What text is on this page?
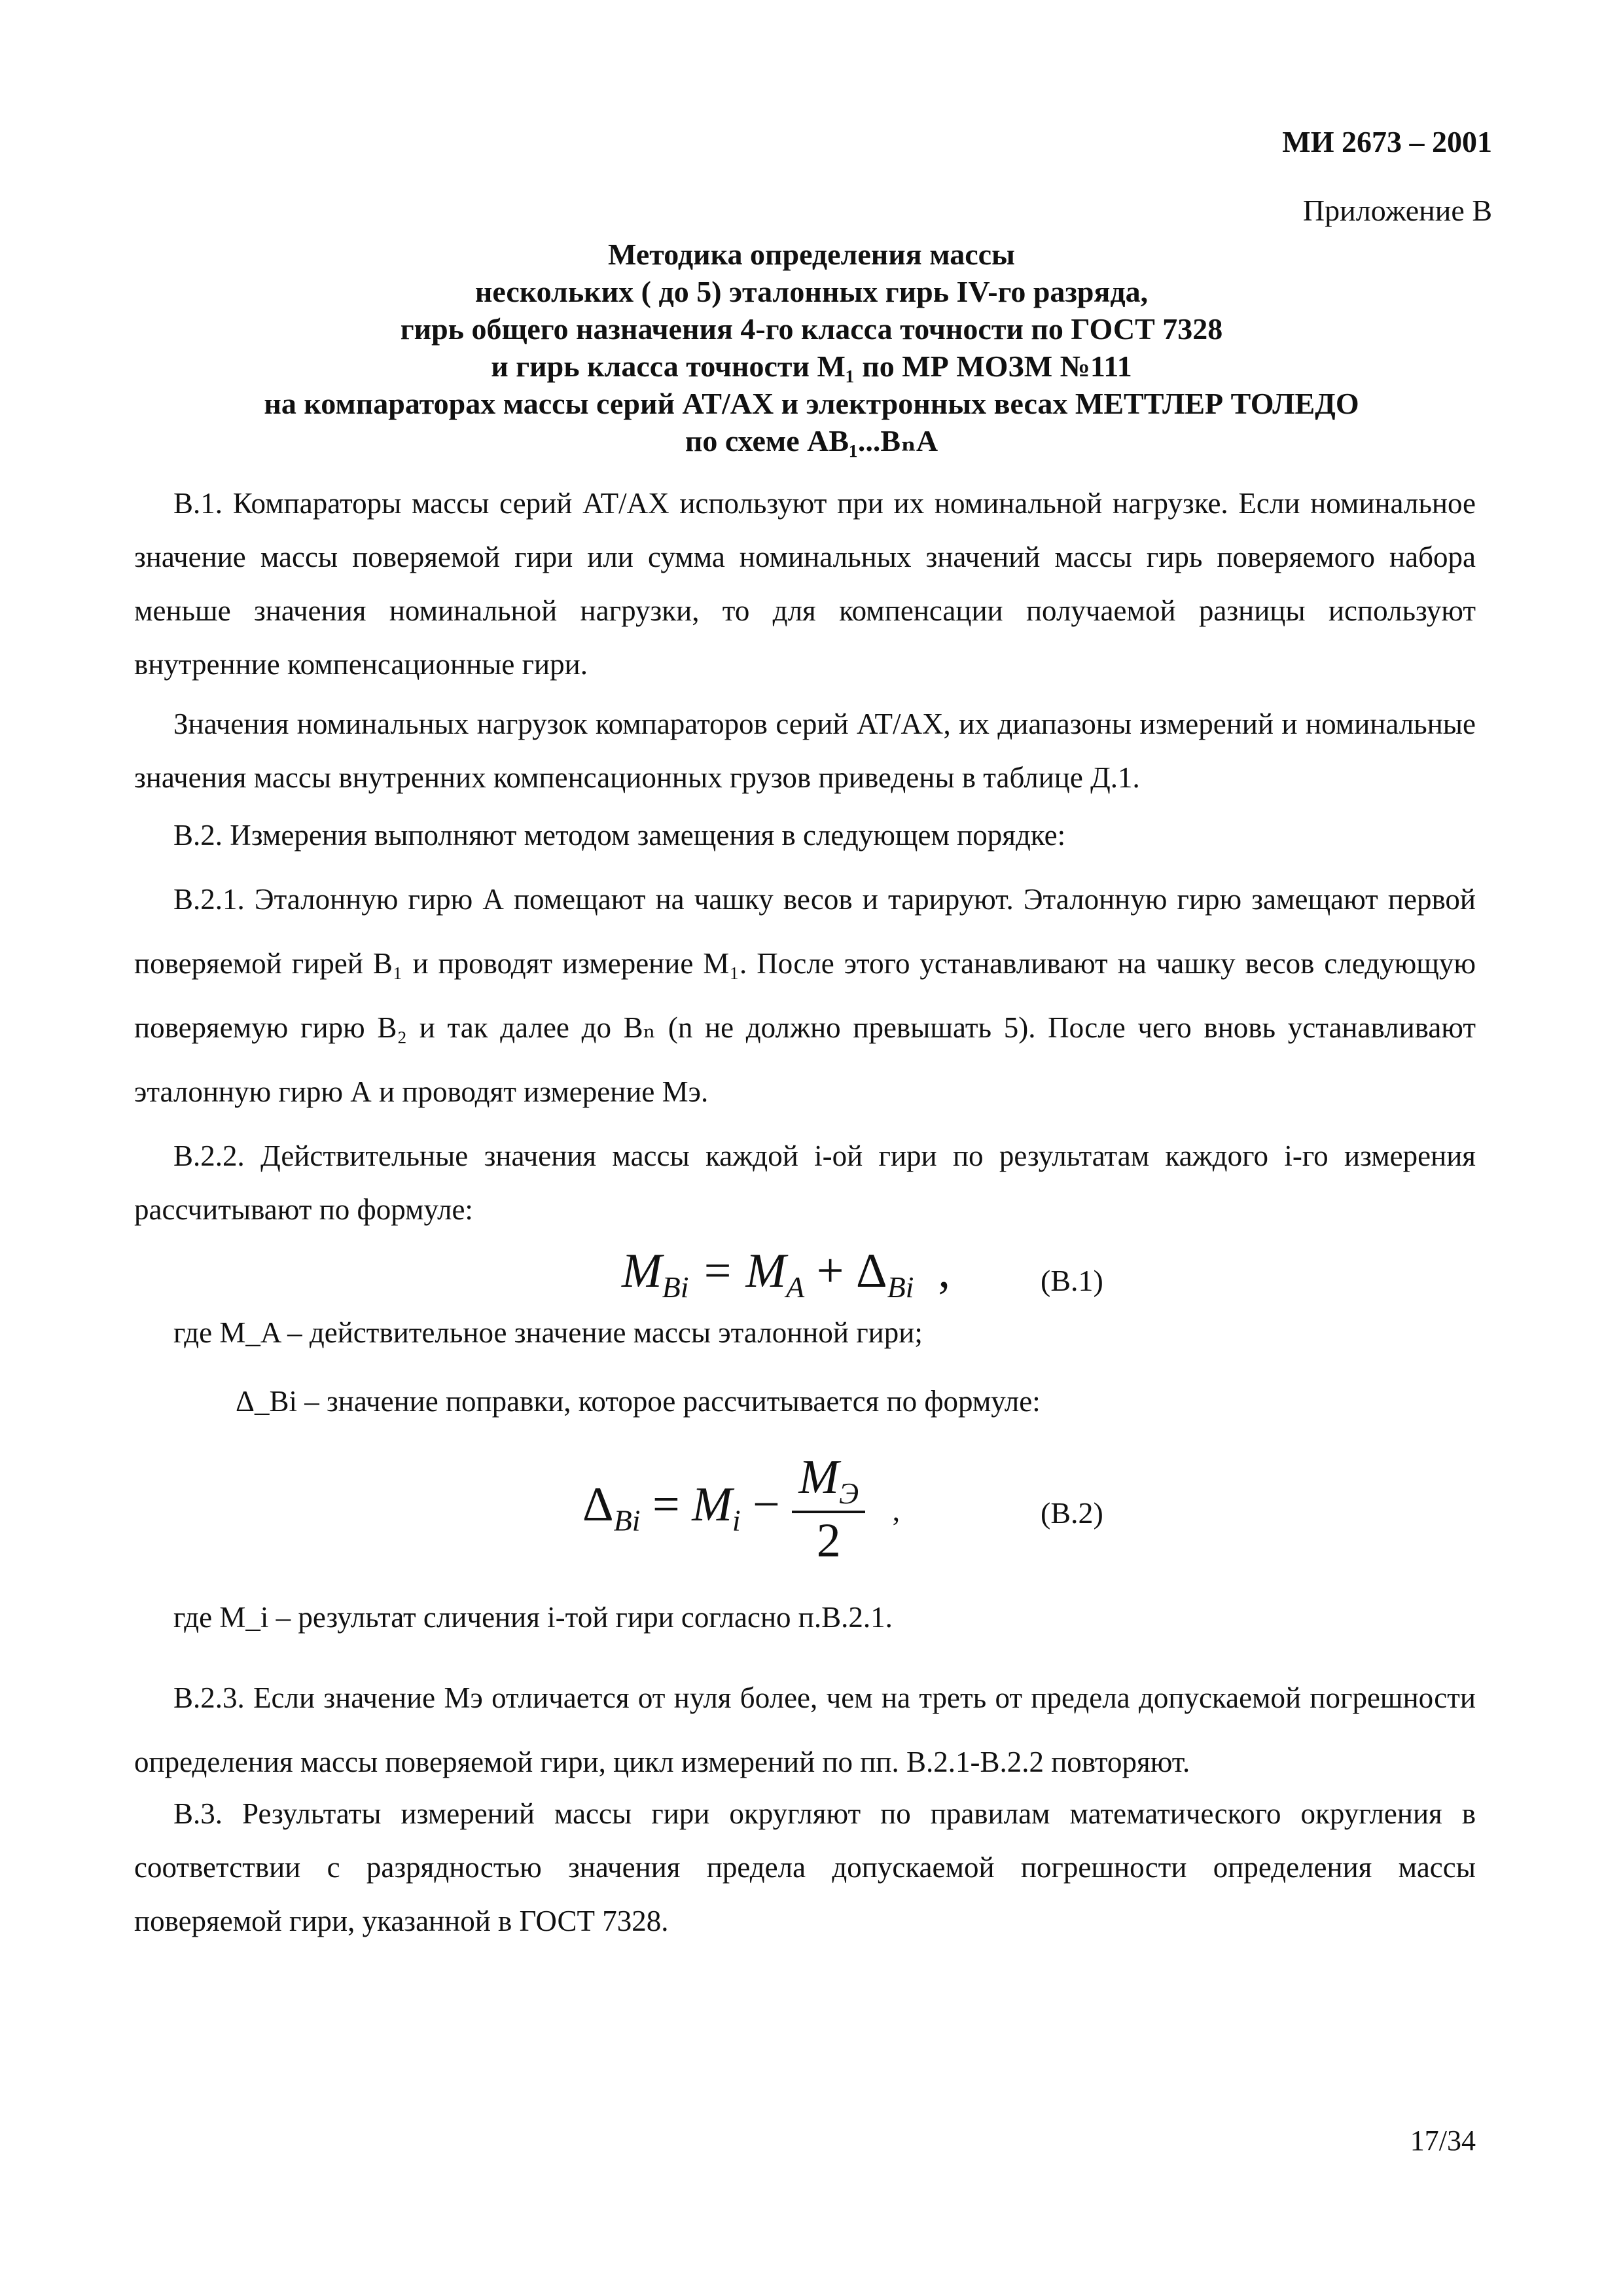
МИ 2673 – 2001
Приложение В
Методика определения массы
нескольких ( до 5) эталонных гирь IV-го разряда,
гирь общего назначения 4-го класса точности по ГОСТ 7328
и гирь класса точности M₁ по МР МОЗМ №111
на компараторах массы серий AT/AX и электронных весах МЕТТЛЕР ТОЛЕДО
по схеме AB₁...BₙA
В.1. Компараторы массы серий AT/AX используют при их номинальной нагрузке. Если номинальное значение массы поверяемой гири или сумма номинальных значений массы гирь поверяемого набора меньше значения номинальной нагрузки, то для компенсации получаемой разницы используют внутренние компенсационные гири.
Значения номинальных нагрузок компараторов серий AT/AX, их диапазоны измерений и номинальные значения массы внутренних компенсационных грузов приведены в таблице Д.1.
В.2. Измерения выполняют методом замещения в следующем порядке:
В.2.1. Эталонную гирю А помещают на чашку весов и тарируют. Эталонную гирю замещают первой поверяемой гирей B₁ и проводят измерение M₁. После этого устанавливают на чашку весов следующую поверяемую гирю B₂ и так далее до Bₙ (n не должно превышать 5). После чего вновь устанавливают эталонную гирю А и проводят измерение Mэ.
В.2.2. Действительные значения массы каждой i-ой гири по результатам каждого i-го измерения рассчитывают по формуле:
$M_{Bi} = M_A + \Delta_{Bi}$  ,	(В.1)
где M_A – действительное значение массы эталонной гири;
Δ_Bi – значение поправки, которое рассчитывается по формуле:
$\Delta_{Bi} = M_i - \frac{M_Э}{2}$ ,	(В.2)
где M_i – результат сличения i-той гири согласно п.В.2.1.
В.2.3. Если значение Mэ отличается от нуля более, чем на треть от предела допускаемой погрешности определения массы поверяемой гири, цикл измерений по пп. В.2.1-В.2.2 повторяют.
В.3. Результаты измерений массы гири округляют по правилам математического округления в соответствии с разрядностью значения предела допускаемой погрешности определения массы поверяемой гири, указанной в ГОСТ 7328.
17/34
